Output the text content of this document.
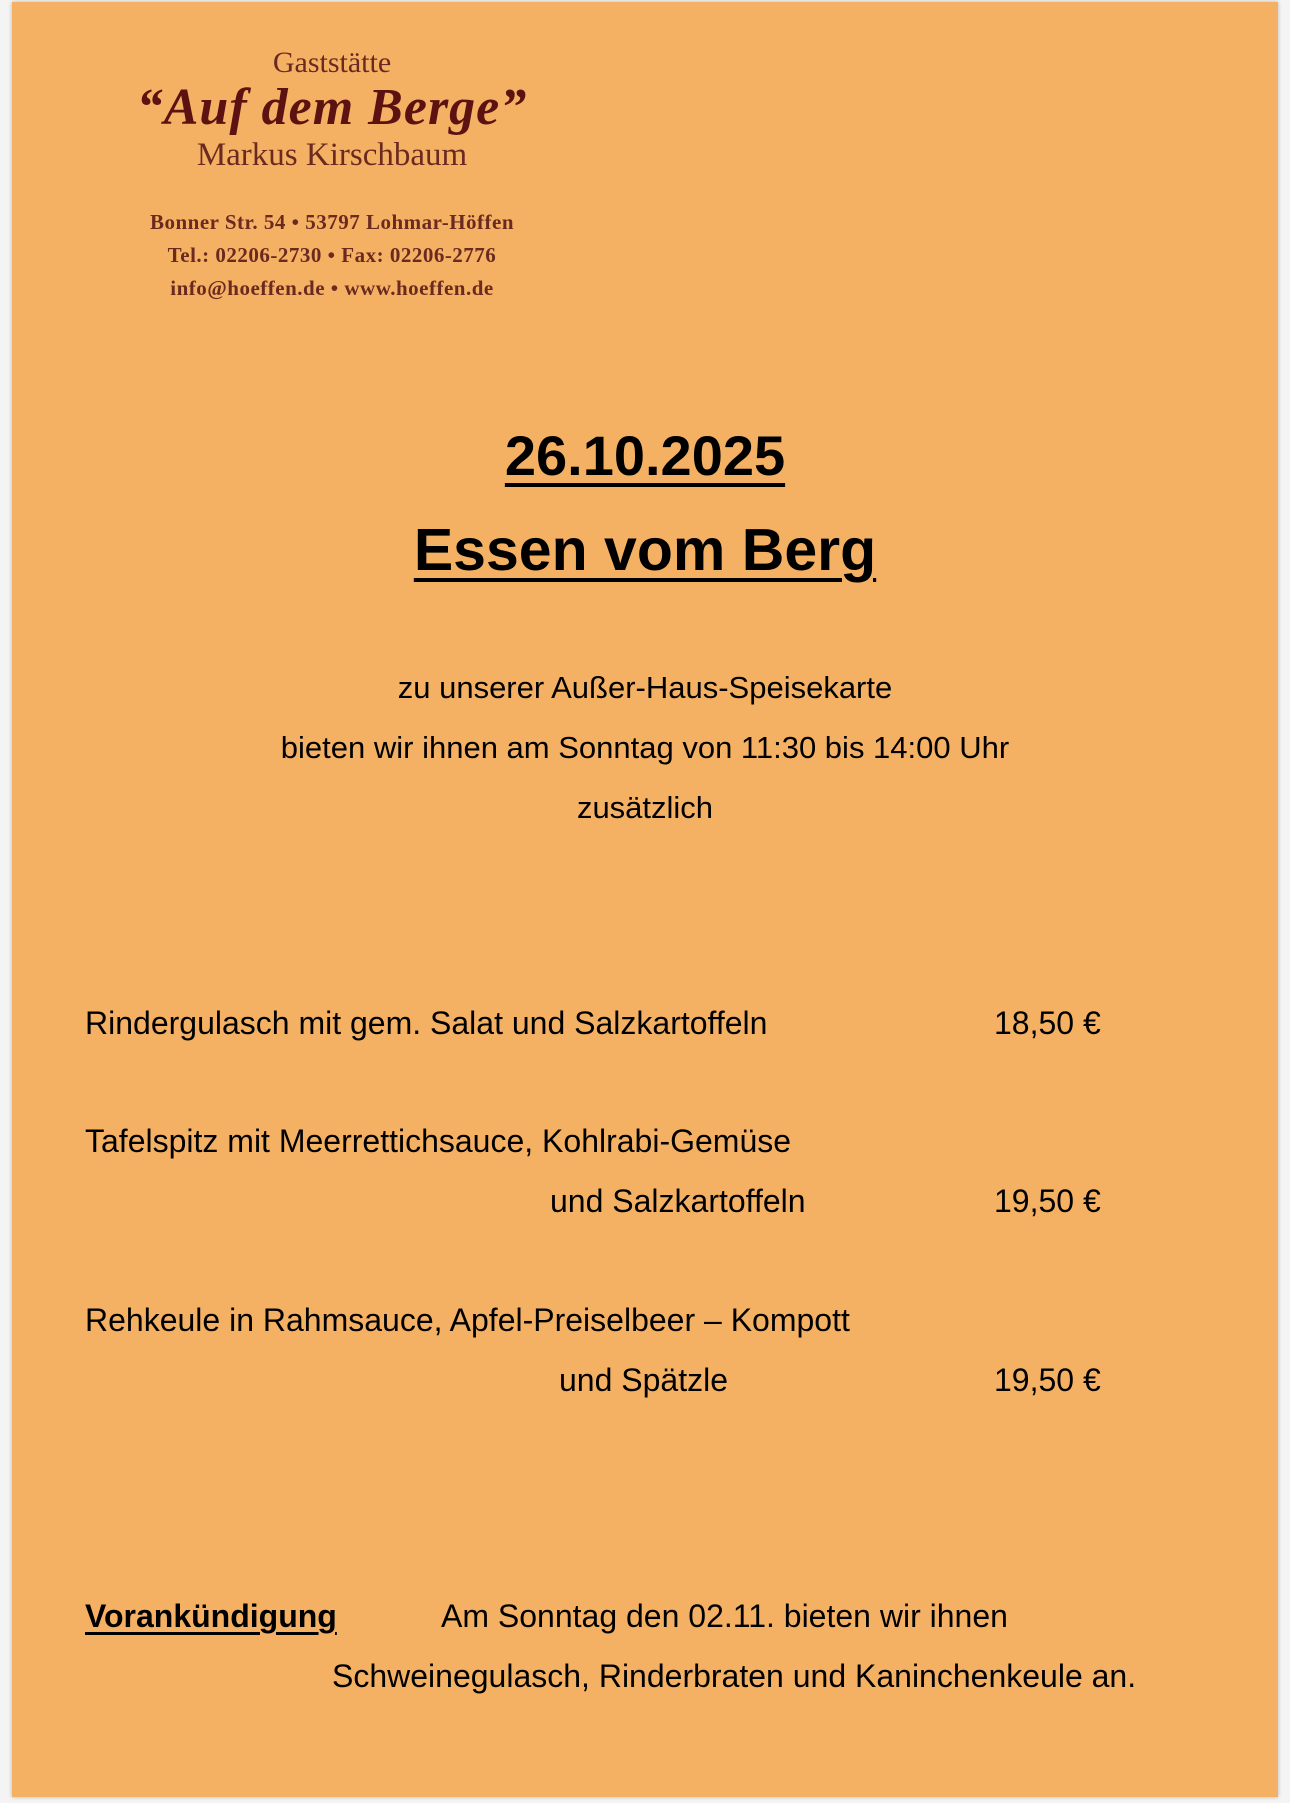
Gaststätte
“Auf dem Berge”
Markus Kirschbaum
Bonner Str. 54 • 53797 Lohmar-Höffen
Tel.: 02206-2730 • Fax: 02206-2776
info@hoeffen.de • www.hoeffen.de
26.10.2025
Essen vom Berg
zu unserer Außer-Haus-Speisekarte
bieten wir ihnen am Sonntag von 11:30 bis 14:00 Uhr
zusätzlich
Rindergulasch mit gem. Salat und Salzkartoffeln	18,50 €
Tafelspitz mit Meerrettichsauce, Kohlrabi-Gemüse
und Salzkartoffeln	19,50 €
Rehkeule in Rahmsauce, Apfel-Preiselbeer – Kompott
und Spätzle	19,50 €
Vorankündigung	Am Sonntag den 02.11. bieten wir ihnen
Schweinegulasch, Rinderbraten und Kaninchenkeule an.
